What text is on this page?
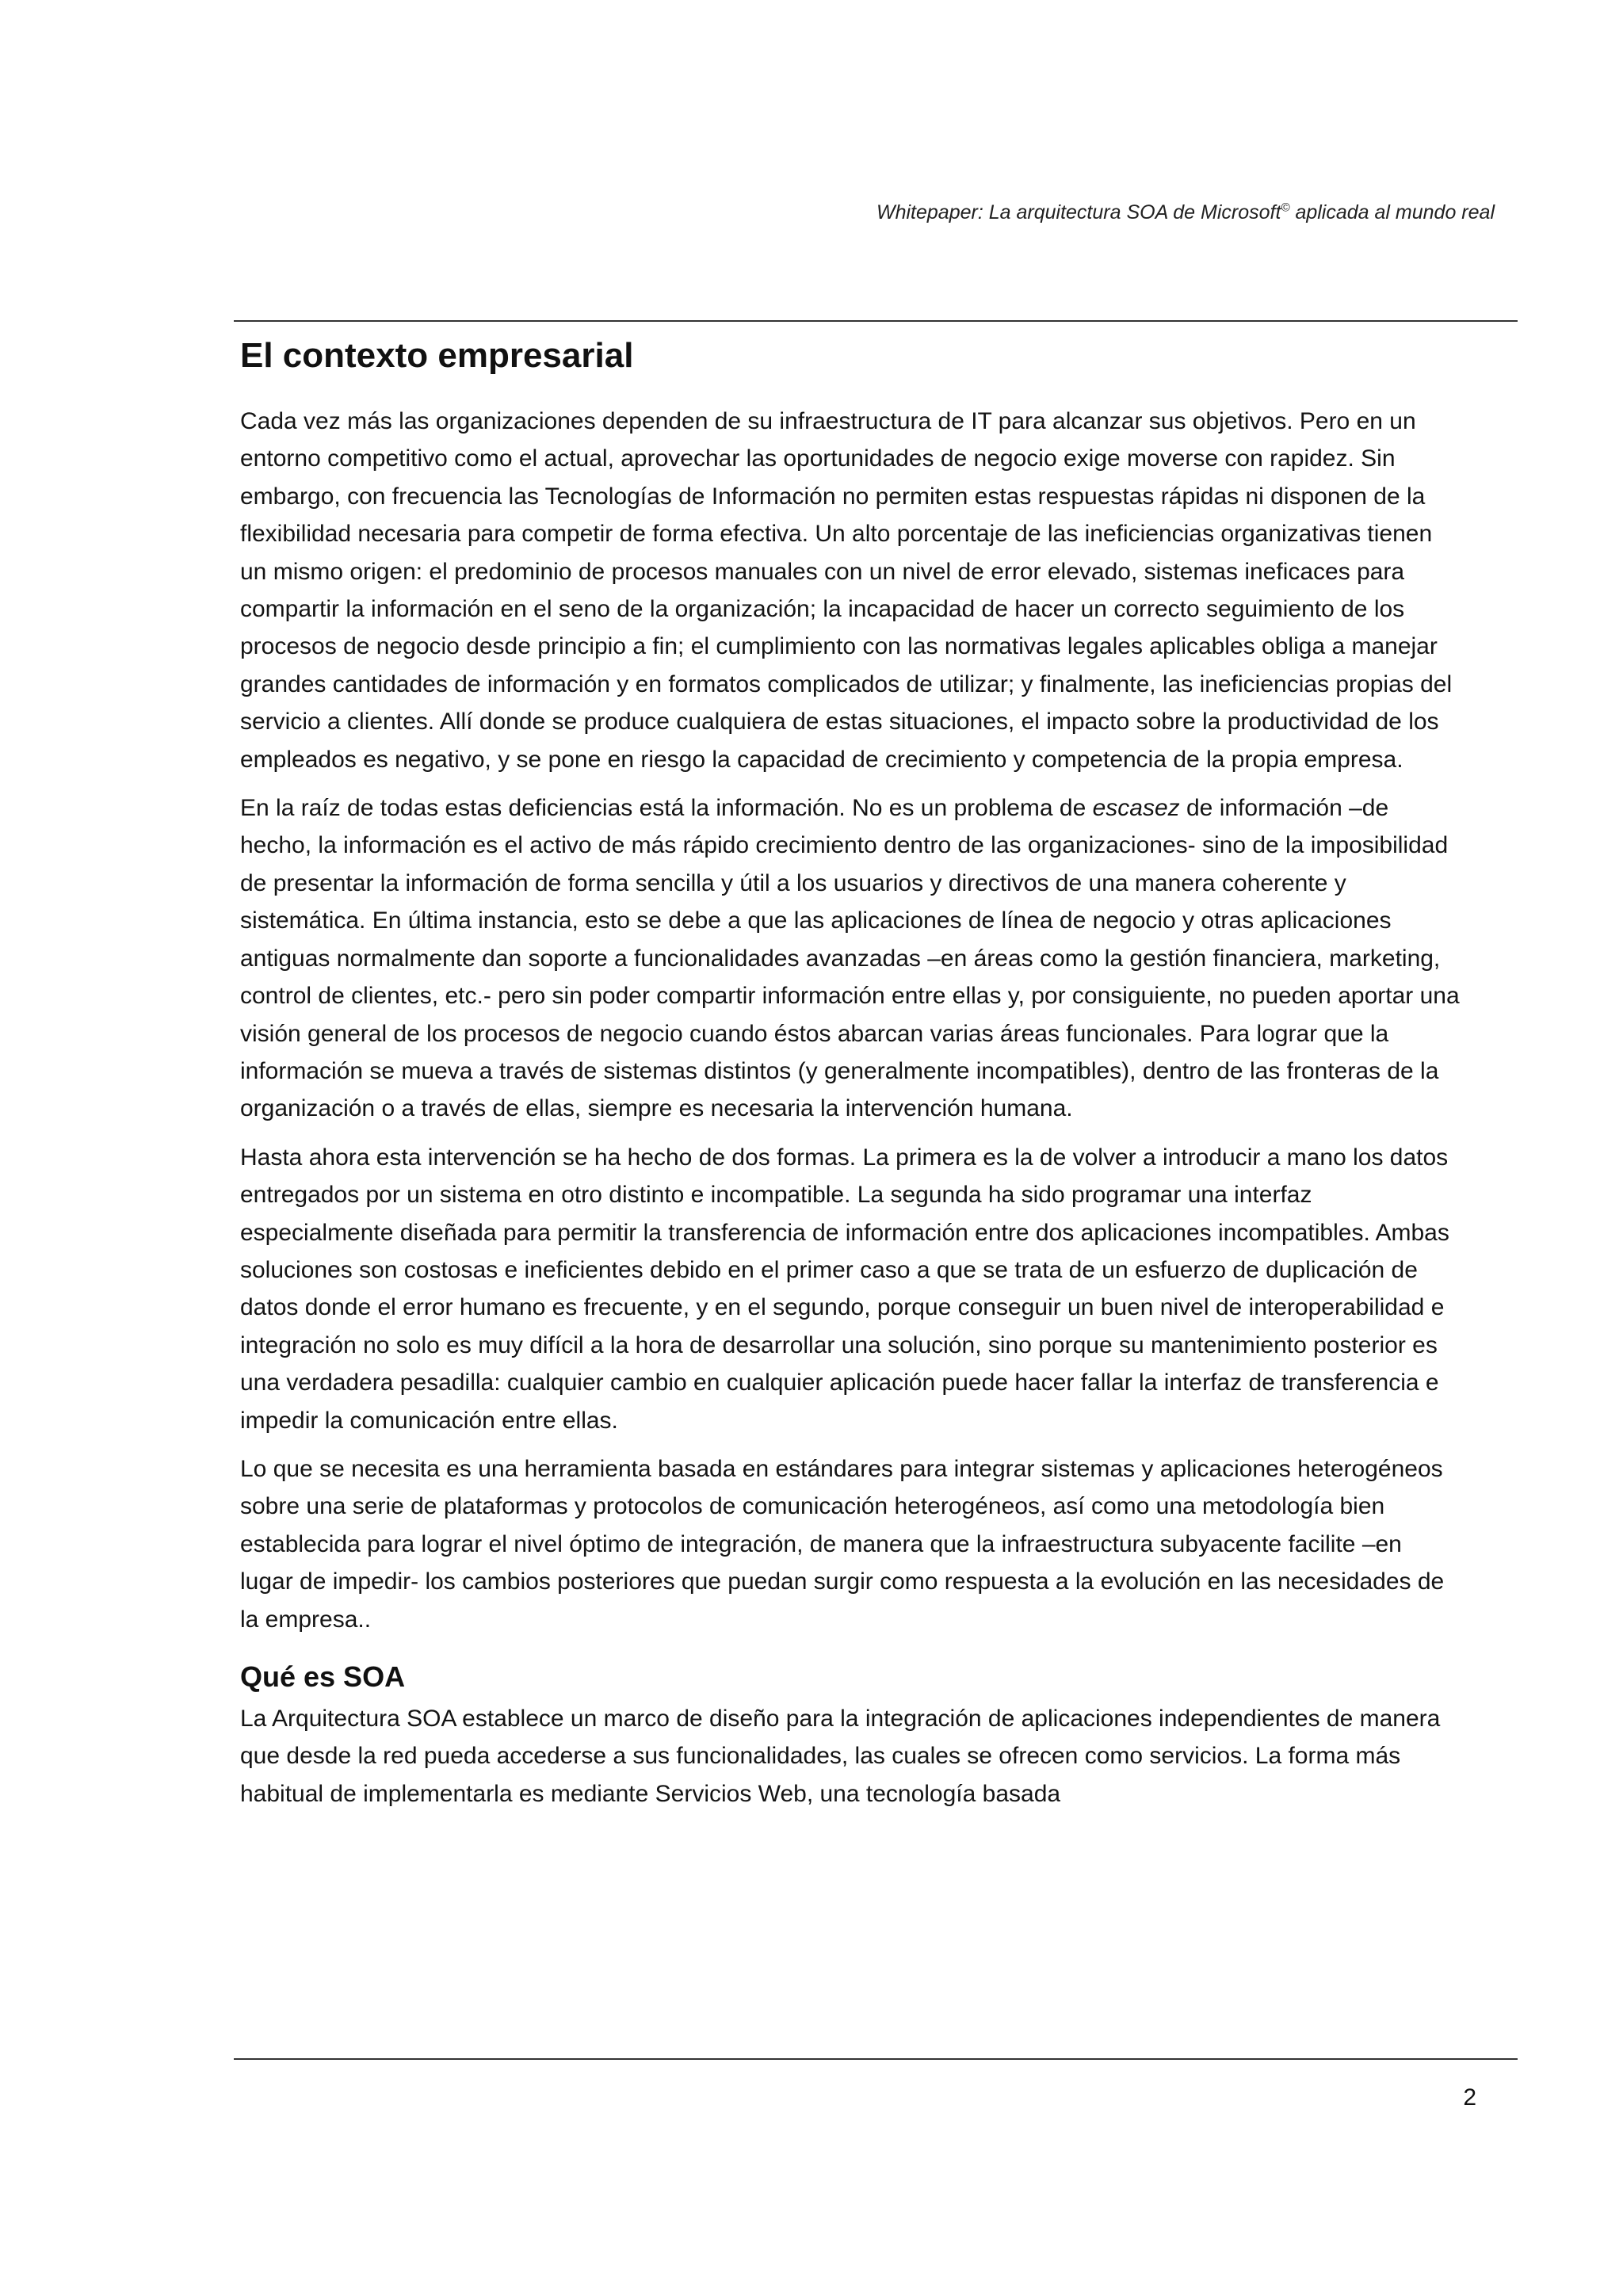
Whitepaper: La arquitectura SOA de Microsoft© aplicada al mundo real
El contexto empresarial

Cada vez más las organizaciones dependen de su infraestructura de IT para alcanzar sus objetivos. Pero en un entorno competitivo como el actual, aprovechar las oportunidades de negocio exige moverse con rapidez. Sin embargo, con frecuencia las Tecnologías de Información no permiten estas respuestas rápidas ni disponen de la flexibilidad necesaria para competir de forma efectiva. Un alto porcentaje de las ineficiencias organizativas tienen un mismo origen: el predominio de procesos manuales con un nivel de error elevado, sistemas ineficaces para compartir la información en el seno de la organización; la incapacidad de hacer un correcto seguimiento de los procesos de negocio desde principio a fin; el cumplimiento con las normativas legales aplicables obliga a manejar grandes cantidades de información y en formatos complicados de utilizar; y finalmente, las ineficiencias propias del servicio a clientes. Allí donde se produce cualquiera de estas situaciones, el impacto sobre la productividad de los empleados es negativo, y se pone en riesgo la capacidad de crecimiento y competencia de la propia empresa.

En la raíz de todas estas deficiencias está la información. No es un problema de escasez de información –de hecho, la información es el activo de más rápido crecimiento dentro de las organizaciones- sino de la imposibilidad de presentar la información de forma sencilla y útil a los usuarios y directivos de una manera coherente y sistemática. En última instancia, esto se debe a que las aplicaciones de línea de negocio y otras aplicaciones antiguas normalmente dan soporte a funcionalidades avanzadas –en áreas como la gestión financiera, marketing, control de clientes, etc.- pero sin poder compartir información entre ellas y, por consiguiente, no pueden aportar una visión general de los procesos de negocio cuando éstos abarcan varias áreas funcionales. Para lograr que la información se mueva a través de sistemas distintos (y generalmente incompatibles), dentro de las fronteras de la organización o a través de ellas, siempre es necesaria la intervención humana.

Hasta ahora esta intervención se ha hecho de dos formas. La primera es la de volver a introducir a mano los datos entregados por un sistema en otro distinto e incompatible. La segunda ha sido programar una interfaz especialmente diseñada para permitir la transferencia de información entre dos aplicaciones incompatibles. Ambas soluciones son costosas e ineficientes debido en el primer caso a que se trata de un esfuerzo de duplicación de datos donde el error humano es frecuente, y en el segundo, porque conseguir un buen nivel de interoperabilidad e integración no solo es muy difícil a la hora de desarrollar una solución, sino porque su mantenimiento posterior es una verdadera pesadilla: cualquier cambio en cualquier aplicación puede hacer fallar la interfaz de transferencia e impedir la comunicación entre ellas.

Lo que se necesita es una herramienta basada en estándares para integrar sistemas y aplicaciones heterogéneos sobre una serie de plataformas y protocolos de comunicación heterogéneos, así como una metodología bien establecida para lograr el nivel óptimo de integración, de manera que la infraestructura subyacente facilite –en lugar de impedir- los cambios posteriores que puedan surgir como respuesta a la evolución en las necesidades de la empresa..

Qué es SOA

La Arquitectura SOA establece un marco de diseño para la integración de aplicaciones independientes de manera que desde la red pueda accederse a sus funcionalidades, las cuales se ofrecen como servicios. La forma más habitual de implementarla es mediante Servicios Web, una tecnología basada

2
